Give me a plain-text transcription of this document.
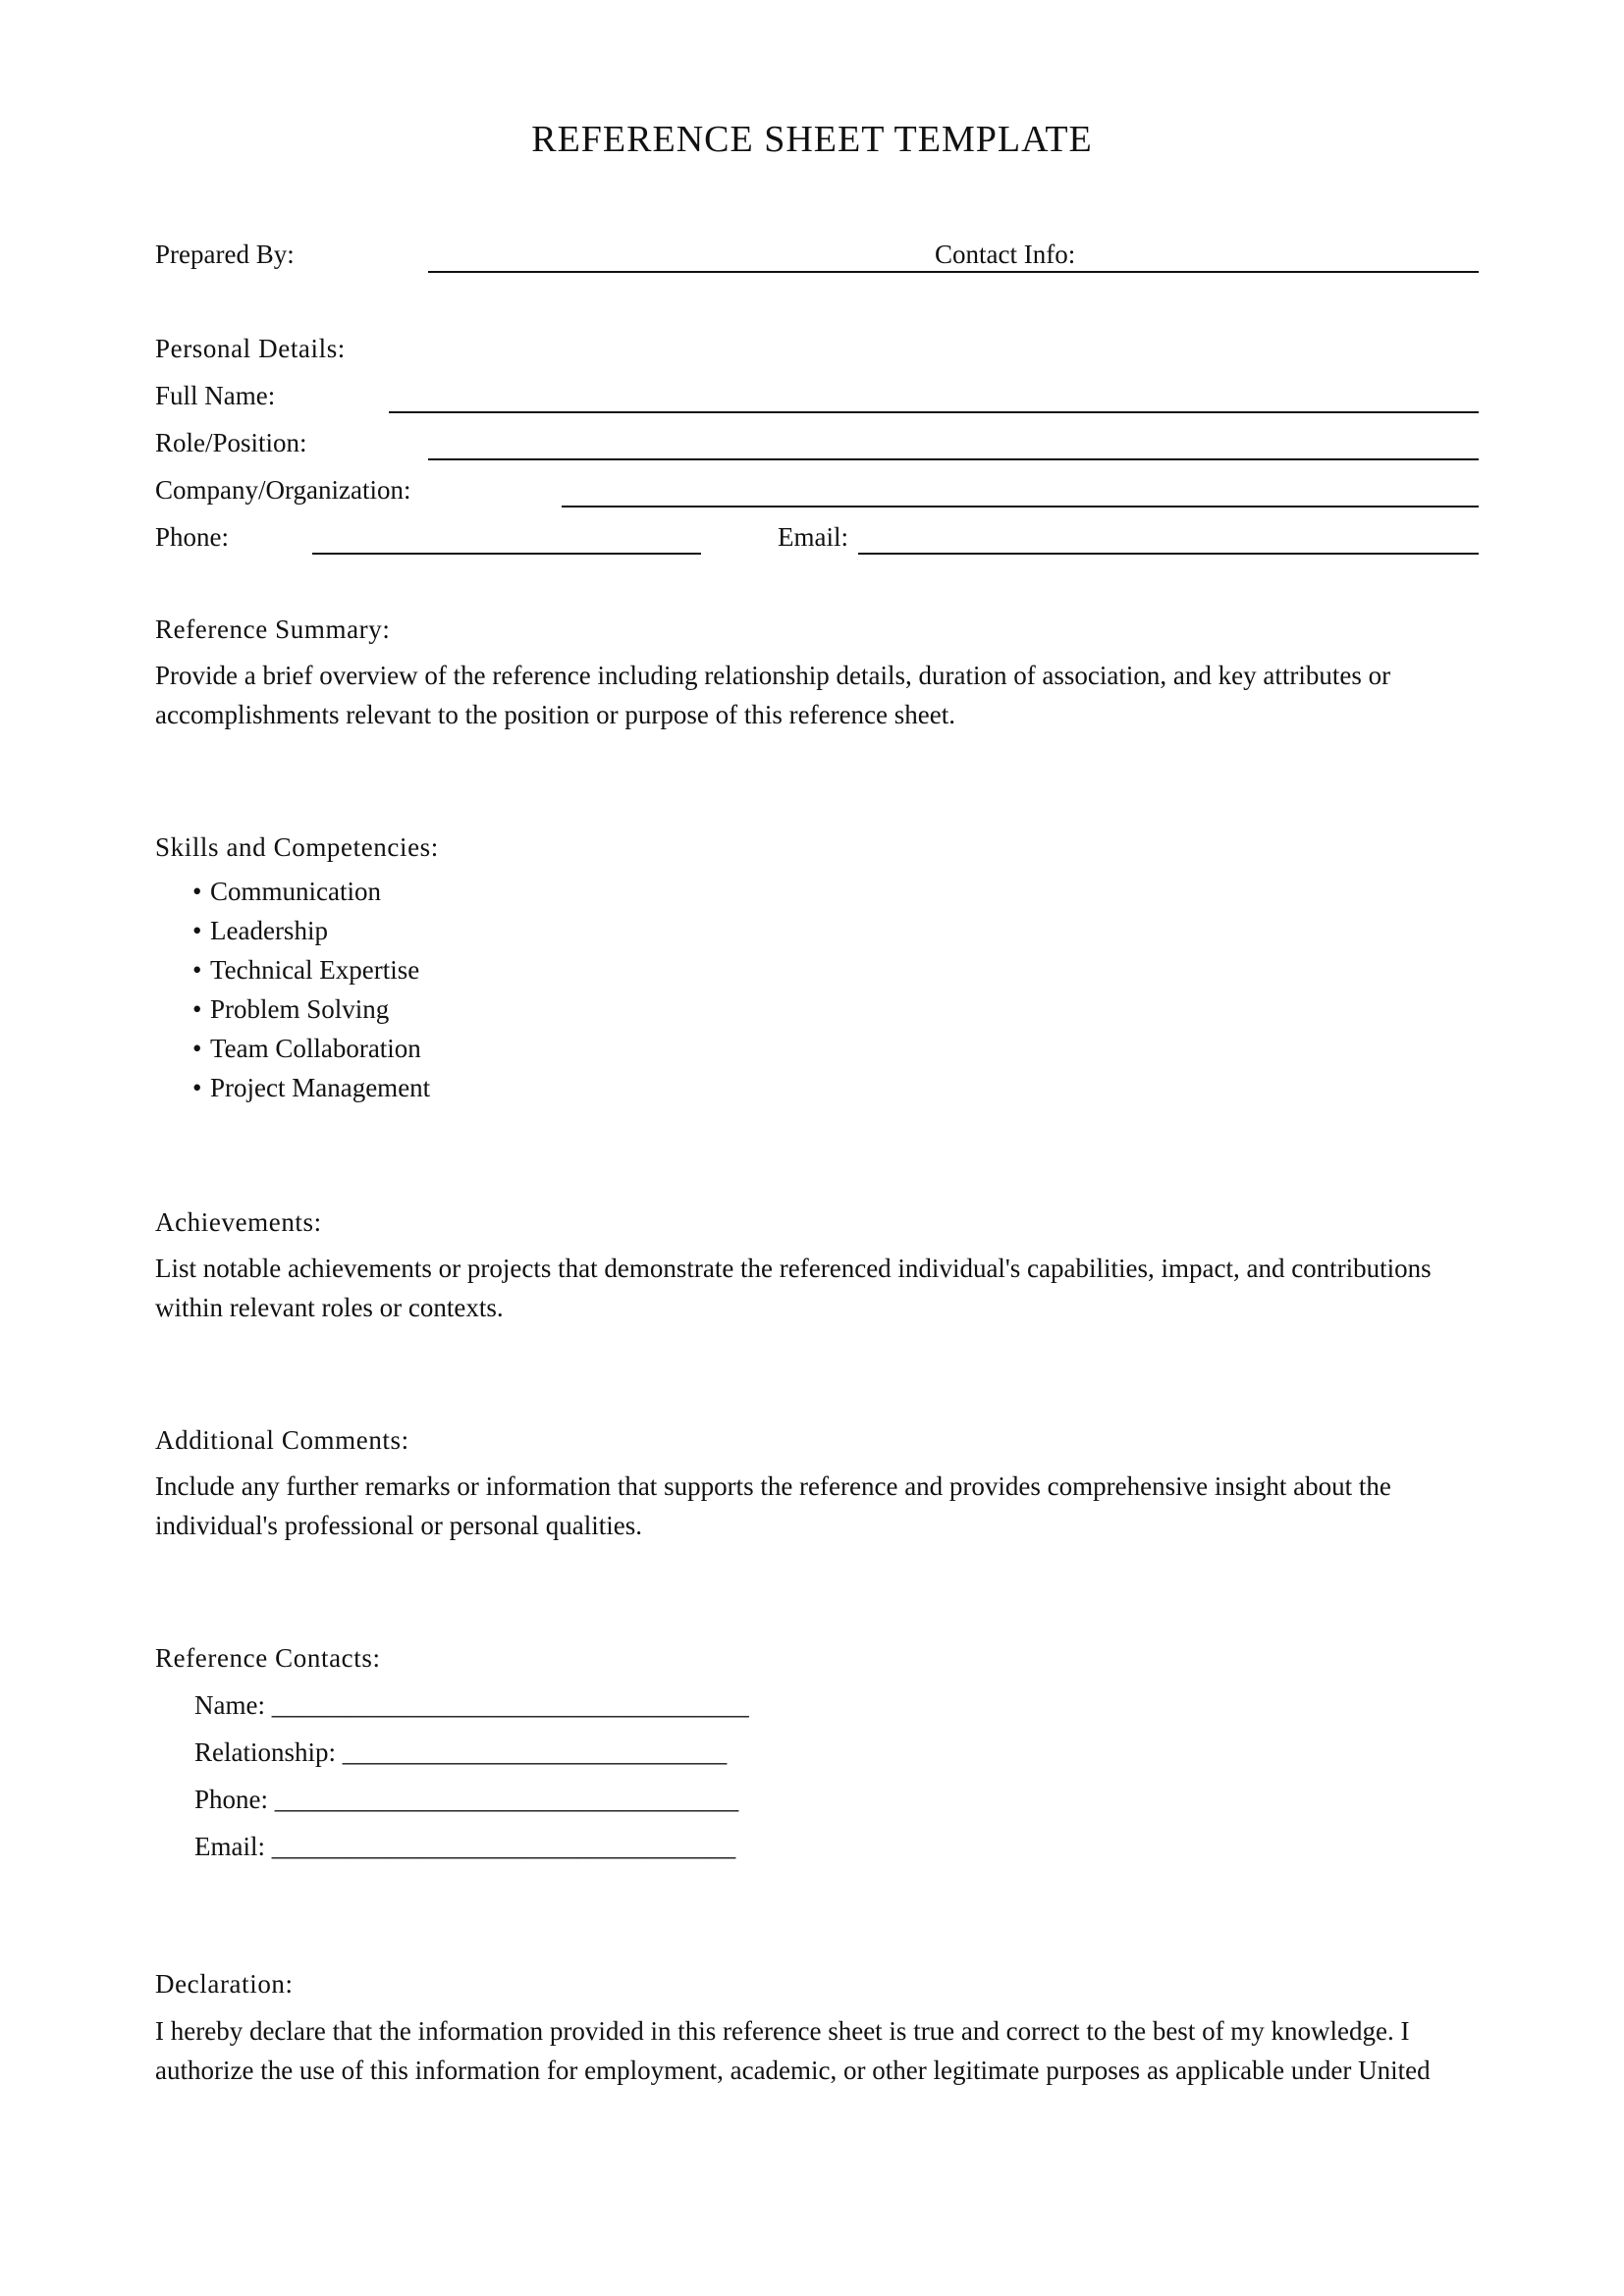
REFERENCE SHEET TEMPLATE
Prepared By:	Contact Info:
Personal Details:
Full Name:
Role/Position:
Company/Organization:
Phone:	Email:
Reference Summary:
Provide a brief overview of the reference including relationship details, duration of association, and key attributes or accomplishments relevant to the position or purpose of this reference sheet.
Skills and Competencies:
• Communication
• Leadership
• Technical Expertise
• Problem Solving
• Team Collaboration
• Project Management
Achievements:
List notable achievements or projects that demonstrate the referenced individual's capabilities, impact, and contributions within relevant roles or contexts.
Additional Comments:
Include any further remarks or information that supports the reference and provides comprehensive insight about the individual's professional or personal qualities.
Reference Contacts:
Name: ____________________________________
Relationship: _____________________________
Phone: ___________________________________
Email: ___________________________________
Declaration:
I hereby declare that the information provided in this reference sheet is true and correct to the best of my knowledge. I
authorize the use of this information for employment, academic, or other legitimate purposes as applicable under United
